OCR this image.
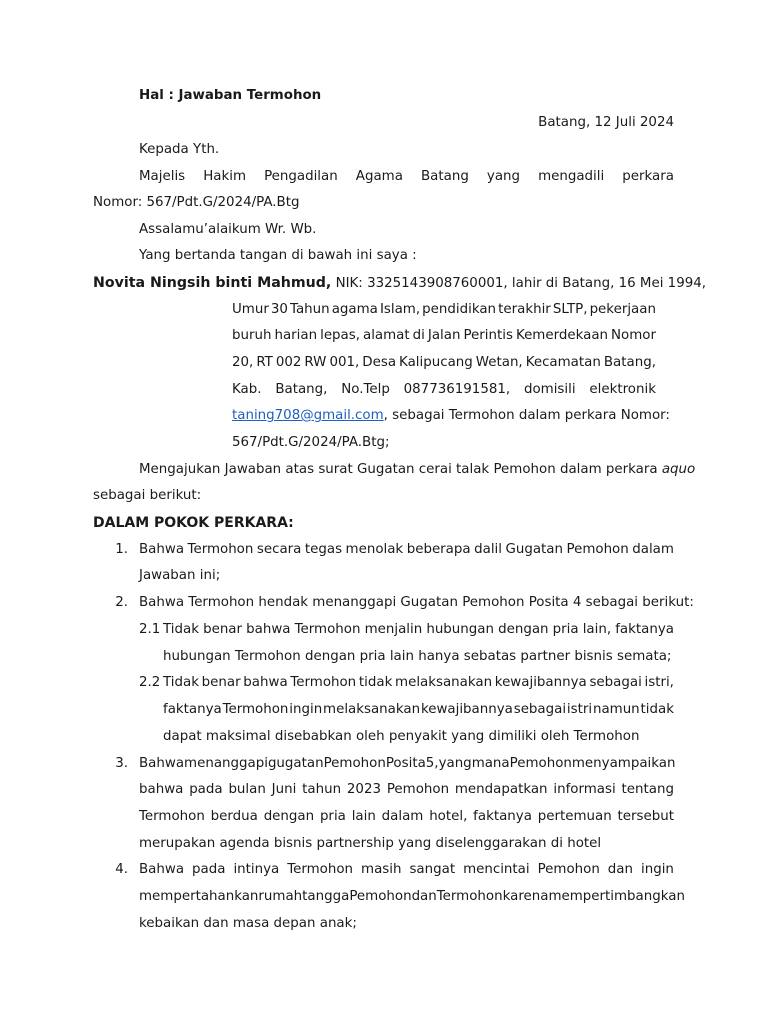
Hal : Jawaban Termohon
Batang, 12 Juli 2024
Kepada Yth.
Majelis Hakim Pengadilan Agama Batang yang mengadili perkara
Nomor: 567/Pdt.G/2024/PA.Btg
Assalamu’alaikum Wr. Wb.
Yang bertanda tangan di bawah ini saya :
Novita Ningsih binti Mahmud, NIK: 3325143908760001, lahir di Batang, 16 Mei 1994,
Umur 30 Tahun agama Islam, pendidikan terakhir SLTP, pekerjaan
buruh harian lepas, alamat di Jalan Perintis Kemerdekaan Nomor
20, RT 002 RW 001, Desa Kalipucang Wetan, Kecamatan Batang,
Kab. Batang, No.Telp 087736191581, domisili elektronik
taning708@gmail.com, sebagai Termohon dalam perkara Nomor:
567/Pdt.G/2024/PA.Btg;
Mengajukan Jawaban atas surat Gugatan cerai talak Pemohon dalam perkara aquo
sebagai berikut:
DALAM POKOK PERKARA:
1. Bahwa Termohon secara tegas menolak beberapa dalil Gugatan Pemohon dalam
Jawaban ini;
2. Bahwa Termohon hendak menanggapi Gugatan Pemohon Posita 4 sebagai berikut:
2.1 Tidak benar bahwa Termohon menjalin hubungan dengan pria lain, faktanya
hubungan Termohon dengan pria lain hanya sebatas partner bisnis semata;
2.2 Tidak benar bahwa Termohon tidak melaksanakan kewajibannya sebagai istri,
faktanya Termohon ingin melaksanakan kewajibannya sebagai istri namun tidak
dapat maksimal disebabkan oleh penyakit yang dimiliki oleh Termohon
3. Bahwa menanggapi gugatan Pemohon Posita 5, yang mana Pemohon menyampaikan
bahwa pada bulan Juni tahun 2023 Pemohon mendapatkan informasi tentang
Termohon berdua dengan pria lain dalam hotel, faktanya pertemuan tersebut
merupakan agenda bisnis partnership yang diselenggarakan di hotel
4. Bahwa pada intinya Termohon masih sangat mencintai Pemohon dan ingin
mempertahankan rumah tangga Pemohon dan Termohon karena mempertimbangkan
kebaikan dan masa depan anak;
